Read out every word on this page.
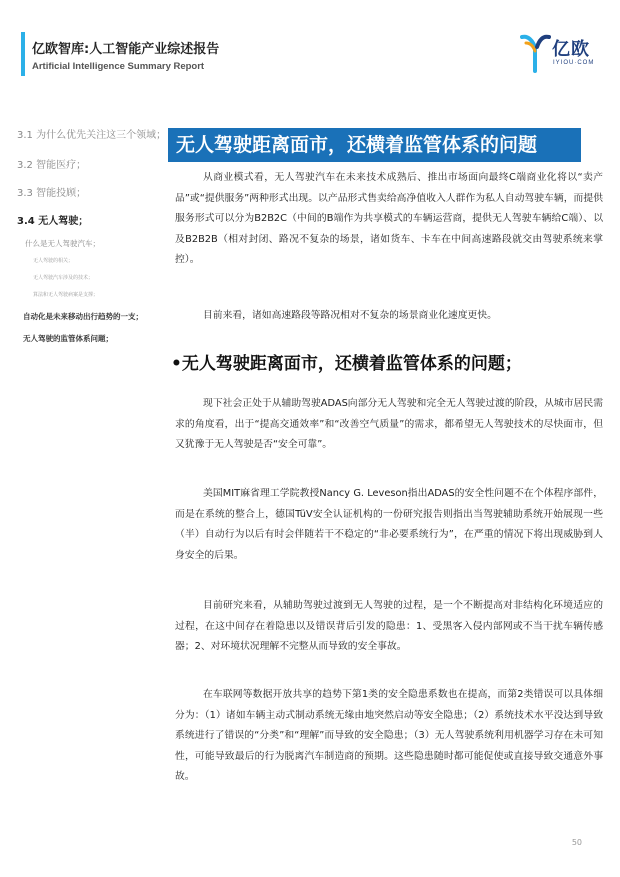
亿欧智库:人工智能产业综述报告
Artificial Intelligence Summary Report
亿欧
IYIOU·COM
3.1 为什么优先关注这三个领域；
3.2 智能医疗；
3.3 智能投顾；
3.4 无人驾驶；
什么是无人驾驶汽车；
无人驾驶的相关；
无人驾驶汽车涉及的技术；
算法和无人驾驶病案是支撑；
自动化是未来移动出行趋势的一支；
无人驾驶的监管体系问题；
无人驾驶距离面市，还横着监管体系的问题
从商业模式看，无人驾驶汽车在未来技术成熟后、推出市场面向最终C端商业化将以“卖产品”或“提供服务”两种形式出现。以产品形式售卖给高净值收入人群作为私人自动驾驶车辆，而提供服务形式可以分为B2B2C（中间的B端作为共享模式的车辆运营商，提供无人驾驶车辆给C端）、以及B2B2B（相对封闭、路况不复杂的场景，诸如货车、卡车在中间高速路段就交由驾驶系统来掌控）。
目前来看，诸如高速路段等路况相对不复杂的场景商业化速度更快。
•无人驾驶距离面市，还横着监管体系的问题；
现下社会正处于从辅助驾驶ADAS向部分无人驾驶和完全无人驾驶过渡的阶段，从城市居民需求的角度看，出于“提高交通效率”和“改善空气质量”的需求，都希望无人驾驶技术的尽快面市，但又犹豫于无人驾驶是否“安全可靠”。
美国MIT麻省理工学院教授Nancy G. Leveson指出ADAS的安全性问题不在个体程序部件，而是在系统的整合上，德国TüV安全认证机构的一份研究报告则指出当驾驶辅助系统开始展现一些（半）自动行为以后有时会伴随若干不稳定的“非必要系统行为”，在严重的情况下将出现威胁到人身安全的后果。
目前研究来看，从辅助驾驶过渡到无人驾驶的过程，是一个不断提高对非结构化环境适应的过程，在这中间存在着隐患以及错误背后引发的隐患：1、受黑客入侵内部网或不当干扰车辆传感器；2、对环境状况理解不完整从而导致的安全事故。
在车联网等数据开放共享的趋势下第1类的安全隐患系数也在提高，而第2类错误可以具体细分为：（1）诸如车辆主动式制动系统无缘由地突然启动等安全隐患；（2）系统技术水平没达到导致系统进行了错误的“分类”和“理解”而导致的安全隐患；（3）无人驾驶系统利用机器学习存在未可知性，可能导致最后的行为脱离汽车制造商的预期。这些隐患随时都可能促使或直接导致交通意外事故。
50
